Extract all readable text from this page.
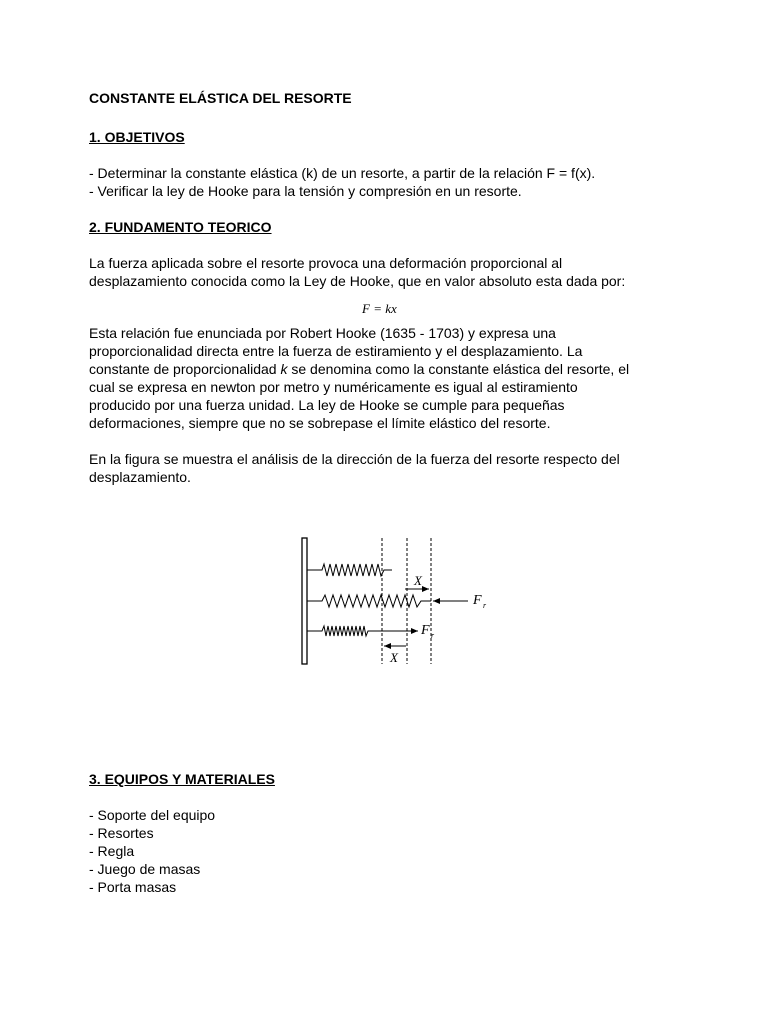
CONSTANTE ELÁSTICA DEL RESORTE
1. OBJETIVOS
- Determinar la constante elástica (k) de un resorte, a partir de la relación F = f(x).
- Verificar la ley de Hooke para la tensión y compresión en un resorte.
2. FUNDAMENTO TEORICO
La fuerza aplicada sobre el resorte provoca una deformación proporcional al
desplazamiento conocida como la Ley de Hooke, que en valor absoluto esta dada por:
F = kx
Esta relación fue enunciada por Robert Hooke (1635 - 1703) y expresa una
proporcionalidad directa entre la fuerza de estiramiento y el desplazamiento. La
constante de proporcionalidad k se denomina como la constante elástica del resorte, el
cual se expresa en newton por metro y numéricamente es igual al estiramiento
producido por una fuerza unidad. La ley de Hooke se cumple para pequeñas
deformaciones, siempre que no se sobrepase el límite elástico del resorte.
En la figura se muestra el análisis de la dirección de la fuerza del resorte respecto del
desplazamiento.
X
F r
F r
X
3. EQUIPOS Y MATERIALES
- Soporte del equipo
- Resortes
- Regla
- Juego de masas
- Porta masas
